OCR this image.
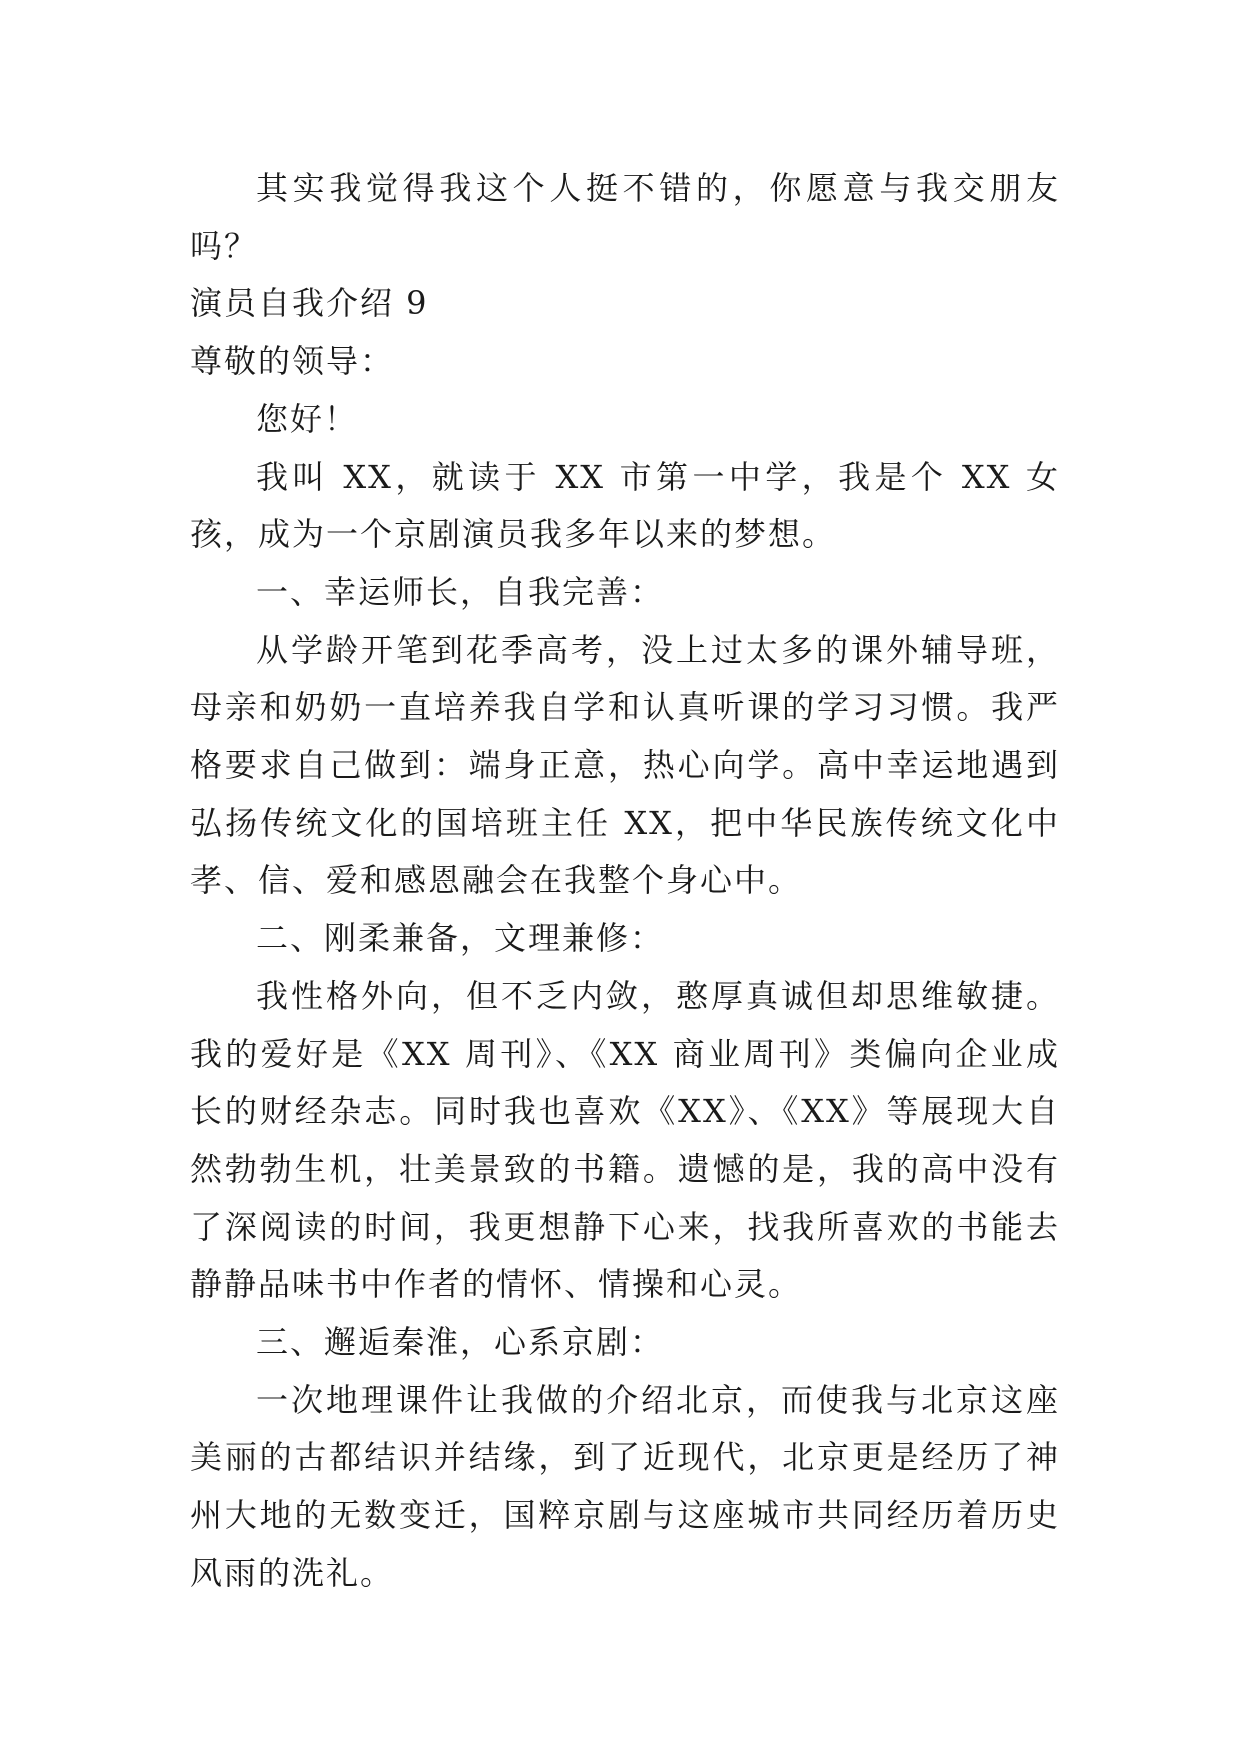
其实我觉得我这个人挺不错的，你愿意与我交朋友吗？

演员自我介绍 9

尊敬的领导：

您好！

我叫 XX，就读于 XX 市第一中学，我是个 XX 女孩，成为一个京剧演员我多年以来的梦想。

一、幸运师长，自我完善：

从学龄开笔到花季高考，没上过太多的课外辅导班，母亲和奶奶一直培养我自学和认真听课的学习习惯。我严格要求自己做到：端身正意，热心向学。高中幸运地遇到弘扬传统文化的国培班主任 XX，把中华民族传统文化中孝、信、爱和感恩融会在我整个身心中。

二、刚柔兼备，文理兼修：

我性格外向，但不乏内敛，憨厚真诚但却思维敏捷。我的爱好是《XX 周刊》、《XX 商业周刊》类偏向企业成长的财经杂志。同时我也喜欢《XX》、《XX》等展现大自然勃勃生机，壮美景致的书籍。遗憾的是，我的高中没有了深阅读的时间，我更想静下心来，找我所喜欢的书能去静静品味书中作者的情怀、情操和心灵。

三、邂逅秦淮，心系京剧：

一次地理课件让我做的介绍北京，而使我与北京这座美丽的古都结识并结缘，到了近现代，北京更是经历了神州大地的无数变迁，国粹京剧与这座城市共同经历着历史风雨的洗礼。
